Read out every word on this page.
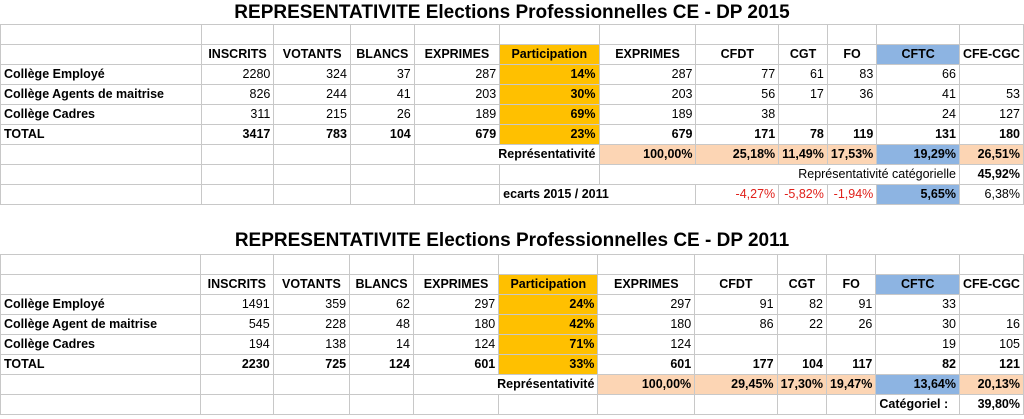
REPRESENTATIVITE Elections Professionnelles CE - DP 2015

	INSCRITS	VOTANTS	BLANCS	EXPRIMES	Participation	EXPRIMES	CFDT	CGT	FO	CFTC	CFE-CGC
Collège Employé	2280	324	37	287	14%	287	77	61	83	66	
Collège Agents de maitrise	826	244	41	203	30%	203	56	17	36	41	53
Collège Cadres	311	215	26	189	69%	189	38			24	127
TOTAL	3417	783	104	679	23%	679	171	78	119	131	180
				Représentativité		100,00%	25,18%	11,49%	17,53%	19,29%	26,51%
						Représentativité catégorielle					45,92%
					ecarts 2015 / 2011		-4,27%	-5,82%	-1,94%	5,65%	6,38%
REPRESENTATIVITE Elections Professionnelles CE - DP 2011

	INSCRITS	VOTANTS	BLANCS	EXPRIMES	Participation	EXPRIMES	CFDT	CGT	FO	CFTC	CFE-CGC
Collège Employé	1491	359	62	297	24%	297	91	82	91	33	
Collège Agent de maitrise	545	228	48	180	42%	180	86	22	26	30	16
Collège Cadres	194	138	14	124	71%	124				19	105
TOTAL	2230	725	124	601	33%	601	177	104	117	82	121
				Représentativité		100,00%	29,45%	17,30%	19,47%	13,64%	20,13%
										Catégoriel :	39,80%
